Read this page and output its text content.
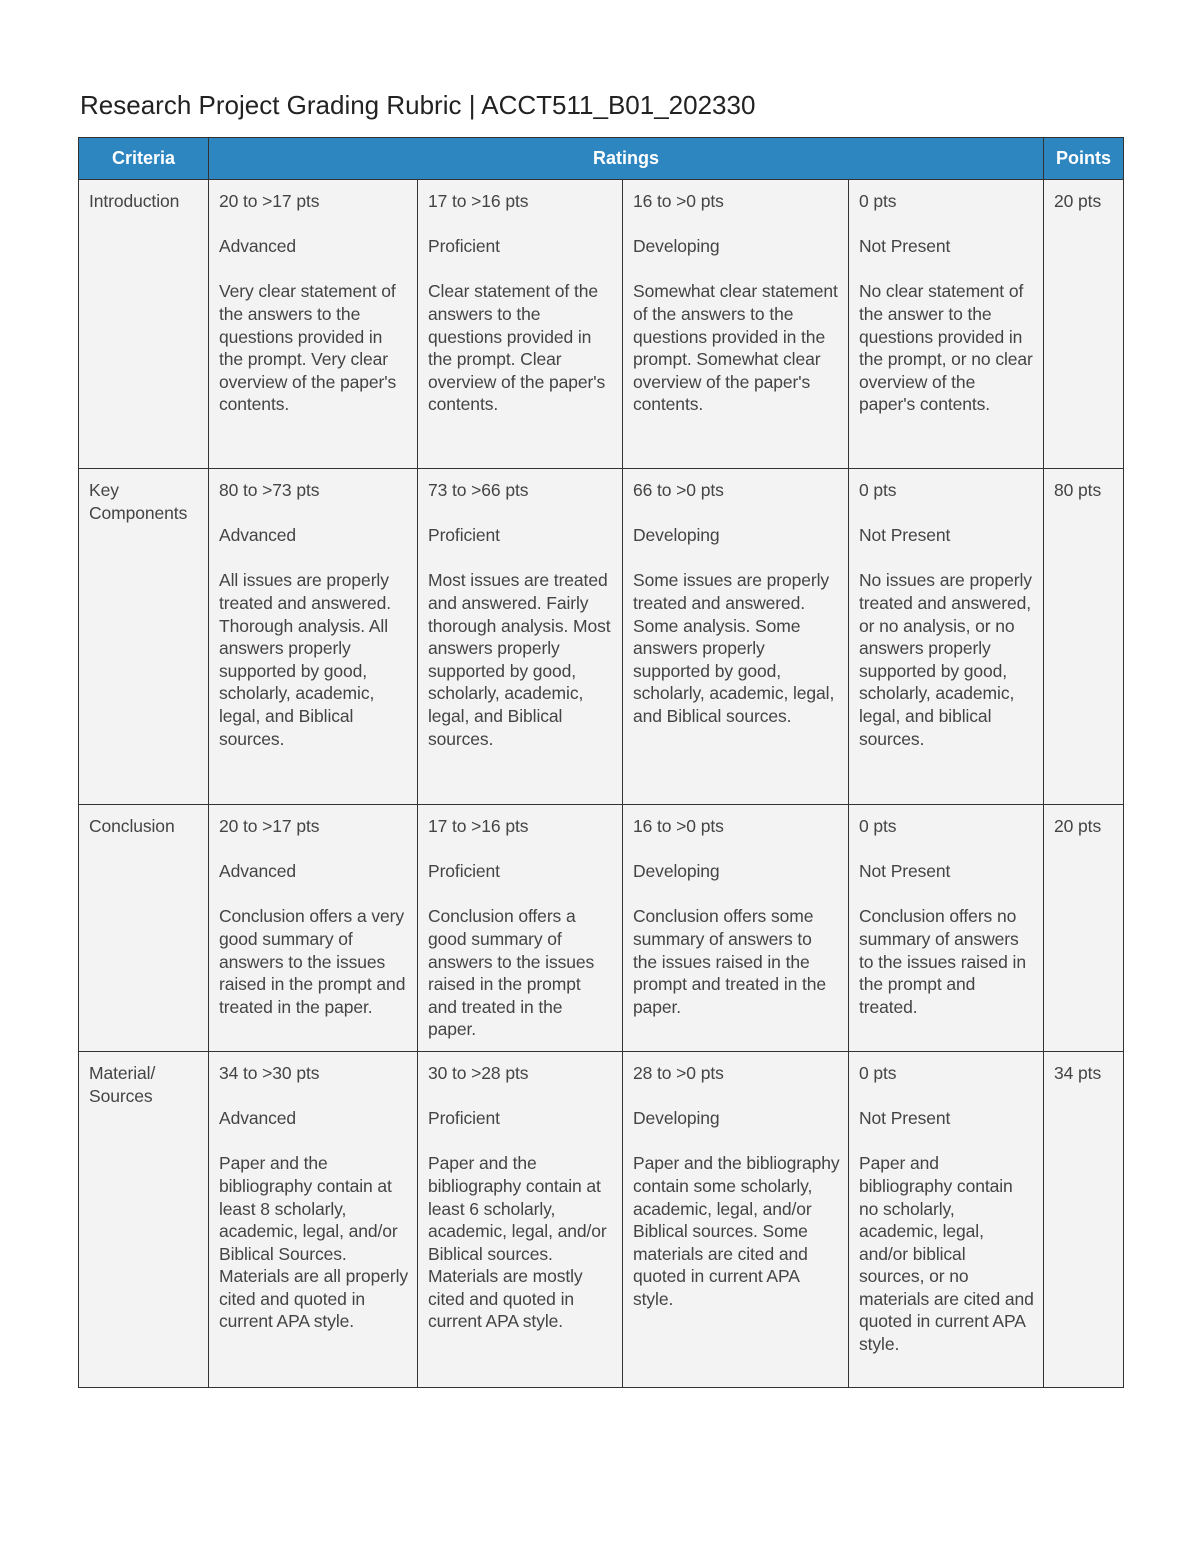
Research Project Grading Rubric | ACCT511_B01_202330
Criteria	Ratings				Points
Introduction	20 to >17 pts
Advanced
Very clear statement of the answers to the questions provided in the prompt. Very clear overview of the paper's contents.	17 to >16 pts
Proficient
Clear statement of the answers to the questions provided in the prompt. Clear overview of the paper's contents.	16 to >0 pts
Developing
Somewhat clear statement of the answers to the questions provided in the prompt. Somewhat clear overview of the paper's contents.	0 pts
Not Present
No clear statement of the answer to the questions provided in the prompt, or no clear overview of the paper's contents.	20 pts
Key Components	80 to >73 pts
Advanced
All issues are properly treated and answered. Thorough analysis. All answers properly supported by good, scholarly, academic, legal, and Biblical sources.	73 to >66 pts
Proficient
Most issues are treated and answered. Fairly thorough analysis. Most answers properly supported by good, scholarly, academic, legal, and Biblical sources.	66 to >0 pts
Developing
Some issues are properly treated and answered. Some analysis. Some answers properly supported by good, scholarly, academic, legal, and Biblical sources.	0 pts
Not Present
No issues are properly treated and answered, or no analysis, or no answers properly supported by good, scholarly, academic, legal, and biblical sources.	80 pts
Conclusion	20 to >17 pts
Advanced
Conclusion offers a very good summary of answers to the issues raised in the prompt and treated in the paper.	17 to >16 pts
Proficient
Conclusion offers a good summary of answers to the issues raised in the prompt and treated in the paper.	16 to >0 pts
Developing
Conclusion offers some summary of answers to the issues raised in the prompt and treated in the paper.	0 pts
Not Present
Conclusion offers no summary of answers to the issues raised in the prompt and treated.	20 pts
Material/ Sources	34 to >30 pts
Advanced
Paper and the bibliography contain at least 8 scholarly, academic, legal, and/or Biblical Sources. Materials are all properly cited and quoted in current APA style.	30 to >28 pts
Proficient
Paper and the bibliography contain at least 6 scholarly, academic, legal, and/or Biblical sources. Materials are mostly cited and quoted in current APA style.	28 to >0 pts
Developing
Paper and the bibliography contain some scholarly, academic, legal, and/or Biblical sources. Some materials are cited and quoted in current APA style.	0 pts
Not Present
Paper and bibliography contain no scholarly, academic, legal, and/or biblical sources, or no materials are cited and quoted in current APA style.	34 pts
